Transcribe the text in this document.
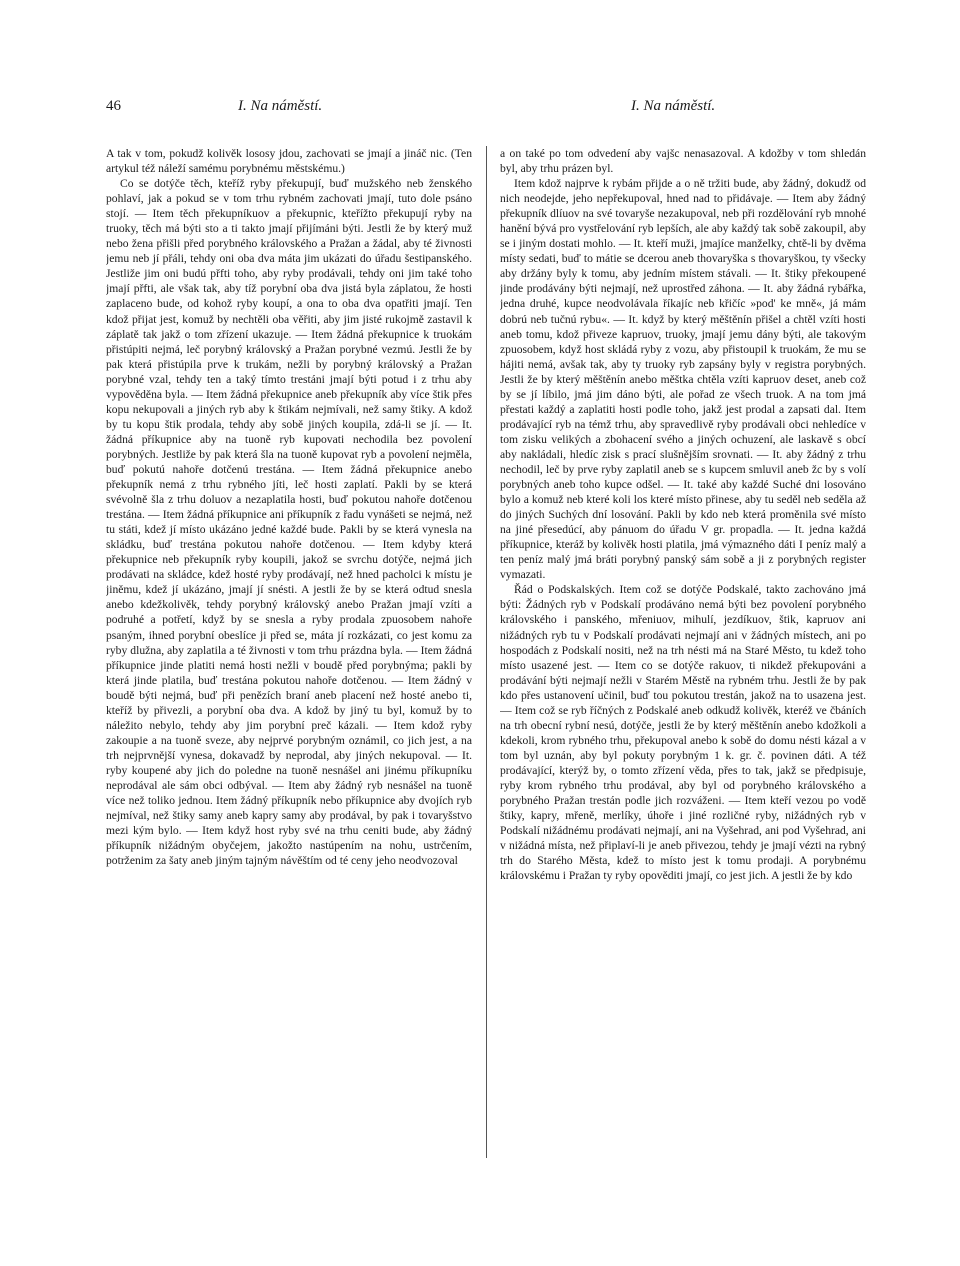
46	I. Na náměstí.	I. Na náměstí.

A tak v tom, pokudž kolivěk lososy jdou, zachovati se jmají a jináč nic. (Ten artykul též náleží samému porybnému městskému.)

Co se dotýče těch, kteříž ryby překupují, buď mužského neb ženského pohlaví, jak a pokud se v tom trhu rybném zachovati jmají, tuto dole psáno stojí. — Item těch překupníkuov a překupnic, kteřížto překupují ryby na truoky, těch má býti sto a ti takto jmají přijímáni býti. Jestli že by který muž nebo žena přišli před porybného královského a Pražan a žádal, aby té živnosti jemu neb jí přáli, tehdy oni oba dva máta jim ukázati do úřadu šestipanského. Jestliže jim oni budú přfti toho, aby ryby prodávali, tehdy oni jim také toho jmají přfti, ale však tak, aby tíž porybní oba dva jistá byla záplatou, že hosti zaplaceno bude, od kohož ryby koupí, a ona to oba dva opatřiti jmají. Ten kdož přijat jest, komuž by nechtěli oba věřiti, aby jim jisté rukojmě zastavil k záplatě tak jakž o tom zřízení ukazuje. — Item žádná překupnice k truokám přistúpiti nejmá, leč porybný královský a Pražan porybné vezmú. Jestli že by pak která přistúpila prve k trukám, nežli by porybný královský a Pražan porybné vzal, tehdy ten a taký tímto trestáni jmají býti potud i z trhu aby vypověděna byla. — Item žádná překupnice aneb překupník aby více štik přes kopu nekupovali a jiných ryb aby k štikám nejmívali, než samy štiky. A kdož by tu kopu štik prodala, tehdy aby sobě jiných koupila, zdá-li se jí. — It. žádná příkupnice aby na tuoně ryb kupovati nechodila bez povolení porybných. Jestliže by pak která šla na tuoně kupovat ryb a povolení nejměla, buď pokutú nahoře dotčenú trestána. — Item žádná překupnice anebo překupník nemá z trhu rybného jíti, leč hosti zaplatí. Pakli by se která svévolně šla z trhu doluov a nezaplatila hosti, buď pokutou nahoře dotčenou trestána. — Item žádná příkupnice ani příkupník z řadu vynášeti se nejmá, než tu státi, kdež jí místo ukázáno jedné každé bude. Pakli by se která vynesla na skládku, buď trestána pokutou nahoře dotčenou. — Item kdyby která překupnice neb překupník ryby koupili, jakož se svrchu dotýče, nejmá jich prodávati na skládce, kdež hosté ryby prodávají, než hned pacholci k místu je jiněmu, kdež jí ukázáno, jmají jí snésti. A jestli že by se která odtud snesla anebo kdežkolivěk, tehdy porybný královský anebo Pražan jmají vzíti a podruhé a potřetí, když by se snesla a ryby prodala zpuosobem nahoře psaným, ihned porybní obeslíce ji před se, máta jí rozkázati, co jest komu za ryby dlužna, aby zaplatila a té živnosti v tom trhu prázdna byla. — Item žádná příkupnice jinde platiti nemá hosti nežli v boudě před porybnýma; pakli by která jinde platila, buď trestána pokutou nahoře dotčenou. — Item žádný v boudě býti nejmá, buď při penězích braní aneb placení než hosté anebo ti, kteříž by přivezli, a porybní oba dva. A kdož by jiný tu byl, komuž by to náležito nebylo, tehdy aby jim porybní preč kázali. — Item kdož ryby zakoupie a na tuoně sveze, aby nejprvé porybným oznámil, co jich jest, a na trh nejprvnější vynesa, dokavadž by neprodal, aby jiných nekupoval. — It. ryby koupené aby jich do poledne na tuoně nesnášel ani jinému příkupníku neprodával ale sám obci odbýval. — Item aby žádný ryb nesnášel na tuoně více než toliko jednou. Item žádný příkupník nebo příkupnice aby dvojích ryb nejmíval, než štiky samy aneb kapry samy aby prodával, by pak i tovaryšstvo mezi kým bylo. — Item když host ryby své na trhu ceniti bude, aby žádný příkupník nižádným obyčejem, jakožto nastúpením na nohu, ustrčením, potrženim za šaty aneb jiným tajným návěštím od té ceny jeho neodvozoval

a on také po tom odvedení aby vajšc nenasazoval. A kdožby v tom shledán byl, aby trhu prázen byl.

Item kdož najprve k rybám přijde a o ně tržiti bude, aby žádný, dokudž od nich neodejde, jeho nepřekupoval, hned nad to přidávaje. — Item aby žádný překupník dlíuov na své tovaryše nezakupoval, neb při rozdělování ryb mnohé hanění bývá pro vystřelování ryb lepších, ale aby každý tak sobě zakoupil, aby se i jiným dostati mohlo. — It. kteří muži, jmajíce manželky, chtě-li by dvěma místy sedati, buď to mátie se dcerou aneb thovaryška s thovaryškou, ty všecky aby držány byly k tomu, aby jedním místem stávali. — It. štiky překoupené jinde prodávány býti nejmají, než uprostřed záhona. — It. aby žádná rybářka, jedna druhé, kupce neodvolávala říkajíc neb křičíc »pod' ke mně«, já mám dobrú neb tučnú rybu«. — It. když by který měštěnín přišel a chtěl vzíti hosti aneb tomu, kdož přiveze kapruov, truoky, jmají jemu dány býti, ale takovým zpuosobem, když host skládá ryby z vozu, aby přistoupil k truokám, že mu se hájiti nemá, avšak tak, aby ty truoky ryb zapsány byly v registra porybných. Jestli že by který měštěnín anebo měštka chtěla vzíti kapruov deset, aneb což by se jí líbilo, jmá jim dáno býti, ale pořad ze všech truok. A na tom jmá přestati každý a zaplatiti hosti podle toho, jakž jest prodal a zapsati dal. Item prodávající ryb na témž trhu, aby spravedlivě ryby prodávali obci nehledíce v tom zisku velikých a zbohacení svého a jiných ochuzení, ale laskavě s obcí aby nakládali, hledíc zisk s prací slušnějším srovnati. — It. aby žádný z trhu nechodil, leč by prve ryby zaplatil aneb se s kupcem smluvil aneb žc by s volí porybných aneb toho kupce odšel. — It. také aby každé Suché dni losováno bylo a komuž neb které koli los které místo přinese, aby tu seděl neb seděla až do jiných Suchých dní losování. Pakli by kdo neb která proměnila své místo na jiné přesedúcí, aby pánuom do úřadu V gr. propadla. — It. jedna každá příkupnice, kteráž by kolivěk hosti platila, jmá výmazného dáti I peníz malý a ten peníz malý jmá bráti porybný panský sám sobě a ji z porybných register vymazati.

Řád o Podskalských. Item což se dotýče Podskalé, takto zachováno jmá býti: Žádných ryb v Podskalí prodáváno nemá býti bez povolení porybného královského i panského, mřeniuov, mihulí, jezdíkuov, štik, kapruov ani nižádných ryb tu v Podskalí prodávati nejmají ani v žádných místech, ani po hospodách z Podskalí nositi, než na trh nésti má na Staré Město, tu kdež toho místo usazené jest. — Item co se dotýče rakuov, ti nikdež překupováni a prodávání býti nejmají nežli v Starém Městě na rybném trhu. Jestli že by pak kdo přes ustanovení učinil, buď tou pokutou trestán, jakož na to usazena jest. — Item což se ryb říčných z Podskalé aneb odkudž kolivěk, kteréž ve čbáních na trh obecní rybní nesú, dotýče, jestli že by který měštěnín anebo kdožkoli a kdekoli, krom rybného trhu, překupoval anebo k sobě do domu nésti kázal a v tom byl uznán, aby byl pokuty porybným 1 k. gr. č. povinen dáti. A též prodávající, kterýž by, o tomto zřízení věda, přes to tak, jakž se předpisuje, ryby krom rybného trhu prodával, aby byl od porybného královského a porybného Pražan trestán podle jich rozváženi. — Item kteří vezou po vodě štiky, kapry, mřeně, merlíky, úhoře i jiné rozličné ryby, nižádných ryb v Podskalí nižádnému prodávati nejmají, ani na Vyšehrad, ani pod Vyšehrad, ani v nižádná místa, než připlaví-li je aneb přivezou, tehdy je jmají vézti na rybný trh do Starého Města, kdež to místo jest k tomu prodaji. A porybnému královskému i Pražan ty ryby opověditi jmají, co jest jich. A jestli že by kdo
